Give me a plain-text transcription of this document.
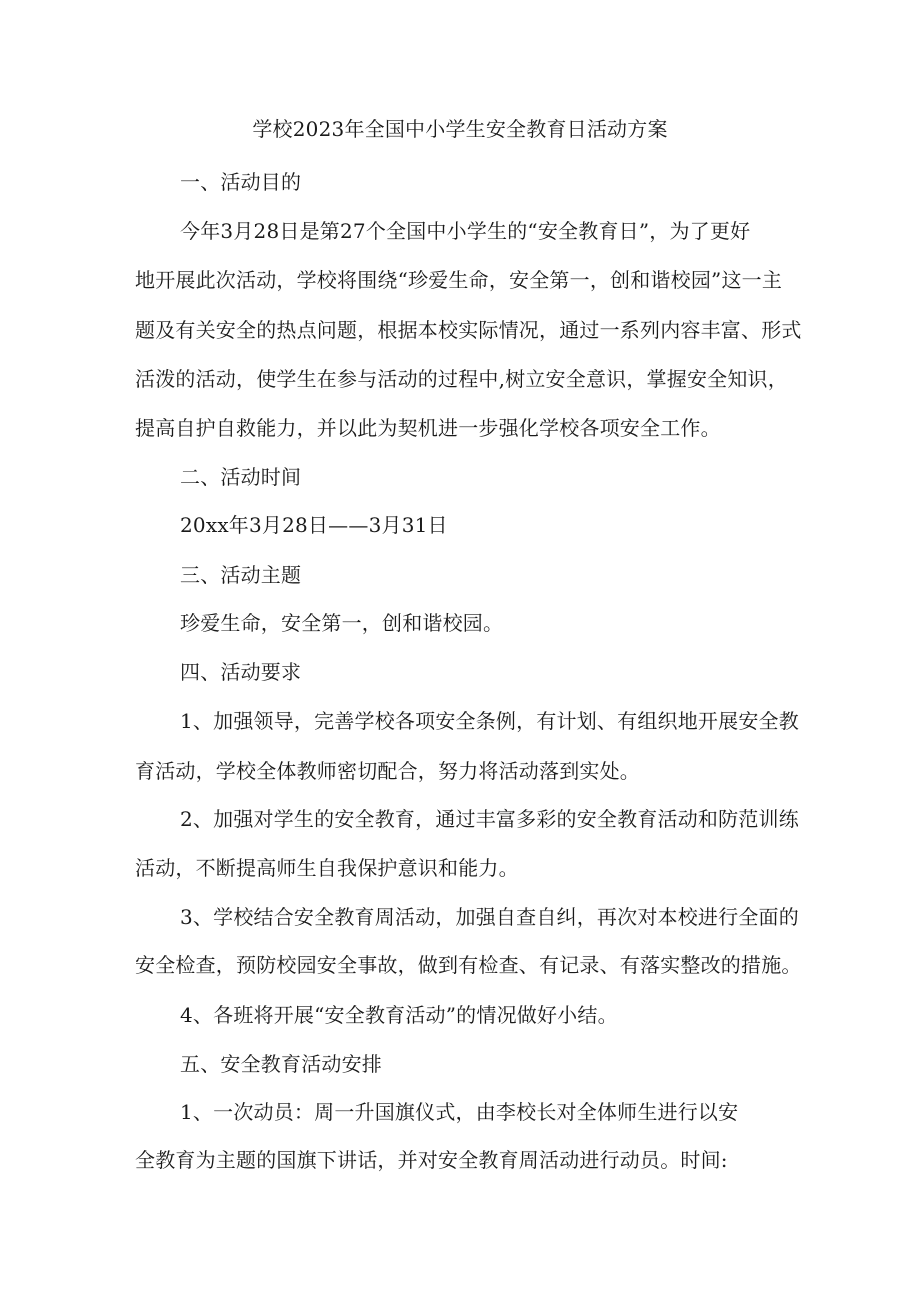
学校2023年全国中小学生安全教育日活动方案

一、活动目的

今年3月28日是第27个全国中小学生的“安全教育日”，为了更好

地开展此次活动，学校将围绕“珍爱生命，安全第一，创和谐校园”这一主

题及有关安全的热点问题，根据本校实际情况，通过一系列内容丰富、形式

活泼的活动，使学生在参与活动的过程中,树立安全意识，掌握安全知识，

提高自护自救能力，并以此为契机进一步强化学校各项安全工作。

二、活动时间

20xx年3月28日——3月31日

三、活动主题

珍爱生命，安全第一，创和谐校园。

四、活动要求

1、加强领导，完善学校各项安全条例，有计划、有组织地开展安全教

育活动，学校全体教师密切配合，努力将活动落到实处。

2、加强对学生的安全教育，通过丰富多彩的安全教育活动和防范训练

活动，不断提高师生自我保护意识和能力。

3、学校结合安全教育周活动，加强自查自纠，再次对本校进行全面的

安全检查，预防校园安全事故，做到有检查、有记录、有落实整改的措施。

4、各班将开展“安全教育活动”的情况做好小结。

五、安全教育活动安排

1、一次动员：周一升国旗仪式，由李校长对全体师生进行以安

全教育为主题的国旗下讲话，并对安全教育周活动进行动员。时间:
